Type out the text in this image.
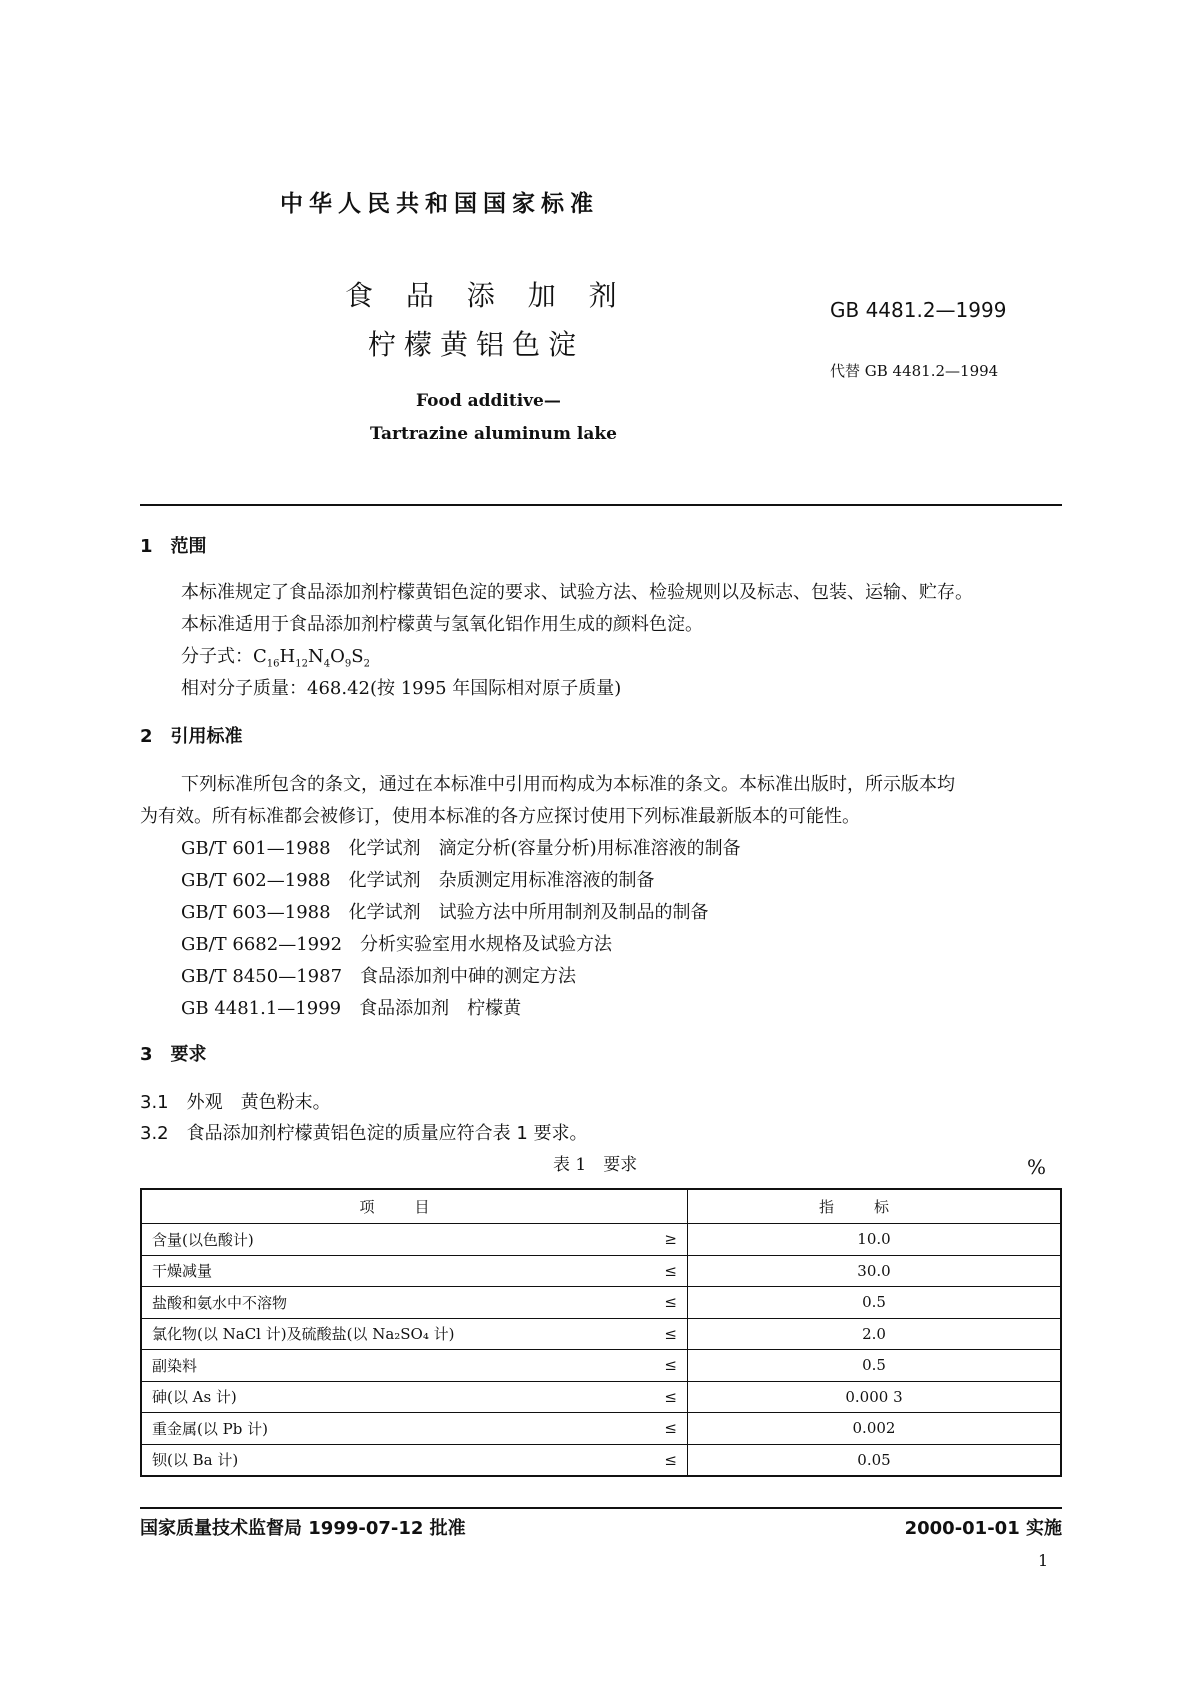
中华人民共和国国家标准
食 品 添 加 剂
柠檬黄铝色淀
GB 4481.2—1999
代替 GB 4481.2—1994
Food additive—
Tartrazine aluminum lake
1　范围
本标准规定了食品添加剂柠檬黄铝色淀的要求、试验方法、检验规则以及标志、包装、运输、贮存。
本标准适用于食品添加剂柠檬黄与氢氧化铝作用生成的颜料色淀。
分子式：$C_{16}H_{12}N_4O_9S_2$
相对分子质量：468.42(按 1995 年国际相对原子质量)
2　引用标准
下列标准所包含的条文，通过在本标准中引用而构成为本标准的条文。本标准出版时，所示版本均
为有效。所有标准都会被修订，使用本标准的各方应探讨使用下列标准最新版本的可能性。
GB/T 601—1988　化学试剂　滴定分析(容量分析)用标准溶液的制备
GB/T 602—1988　化学试剂　杂质测定用标准溶液的制备
GB/T 603—1988　化学试剂　试验方法中所用制剂及制品的制备
GB/T 6682—1992　分析实验室用水规格及试验方法
GB/T 8450—1987　食品添加剂中砷的测定方法
GB 4481.1—1999　食品添加剂　柠檬黄
3　要求
3.1　外观　黄色粉末。
3.2　食品添加剂柠檬黄铝色淀的质量应符合表 1 要求。
表 1　要求	%
项目		指标
含量(以色酸计)	≥	10.0
干燥减量	≤	30.0
盐酸和氨水中不溶物	≤	0.5
氯化物(以 NaCl 计)及硫酸盐(以 Na₂SO₄ 计)	≤	2.0
副染料	≤	0.5
砷(以 As 计)	≤	0.000 3
重金属(以 Pb 计)	≤	0.002
钡(以 Ba 计)	≤	0.05
国家质量技术监督局 1999-07-12 批准	2000-01-01 实施
1
